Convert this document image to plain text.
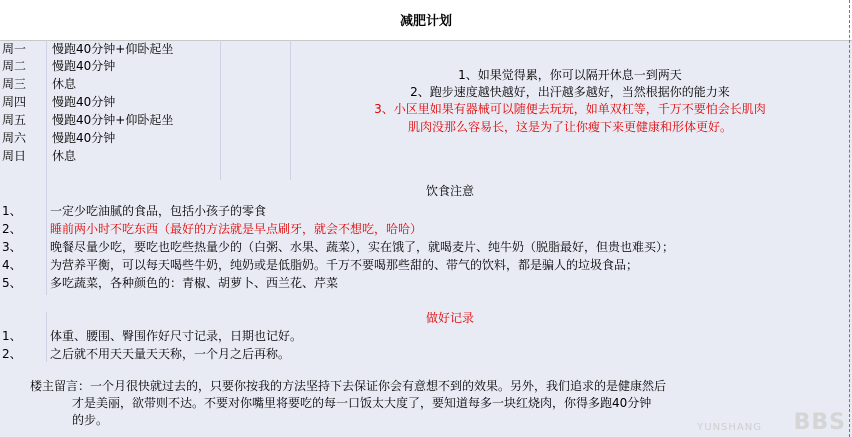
减肥计划
周一 慢跑40分钟+仰卧起坐
周二 慢跑40分钟
周三 休息
周四 慢跑40分钟
周五 慢跑40分钟+仰卧起坐
周六 慢跑40分钟
周日 休息
1、如果觉得累，你可以隔开休息一到两天
2、跑步速度越快越好，出汗越多越好，当然根据你的能力来
3、小区里如果有器械可以随便去玩玩，如单双杠等，千万不要怕会长肌肉
肌肉没那么容易长，这是为了让你瘦下来更健康和形体更好。
饮食注意
1、 一定少吃油腻的食品，包括小孩子的零食
2、 睡前两小时不吃东西（最好的方法就是早点刷牙，就会不想吃，哈哈）
3、 晚餐尽量少吃，要吃也吃些热量少的（白粥、水果、蔬菜），实在饿了，就喝麦片、纯牛奶（脱脂最好，但贵也难买）；
4、 为营养平衡，可以每天喝些牛奶，纯奶或是低脂奶。千万不要喝那些甜的、带气的饮料，都是骗人的垃圾食品；
5、 多吃蔬菜，各种颜色的：青椒、胡萝卜、西兰花、芹菜
做好记录
1、 体重、腰围、臀围作好尺寸记录，日期也记好。
2、 之后就不用天天量天天称，一个月之后再称。
楼主留言：一个月很快就过去的，只要你按我的方法坚持下去保证你会有意想不到的效果。另外，我们追求的是健康然后
才是美丽，欲带则不达。不要对你嘴里将要吃的每一口饭太大度了，要知道每多一块红烧肉，你得多跑40分钟
的步。
YUNSHANG BBS
